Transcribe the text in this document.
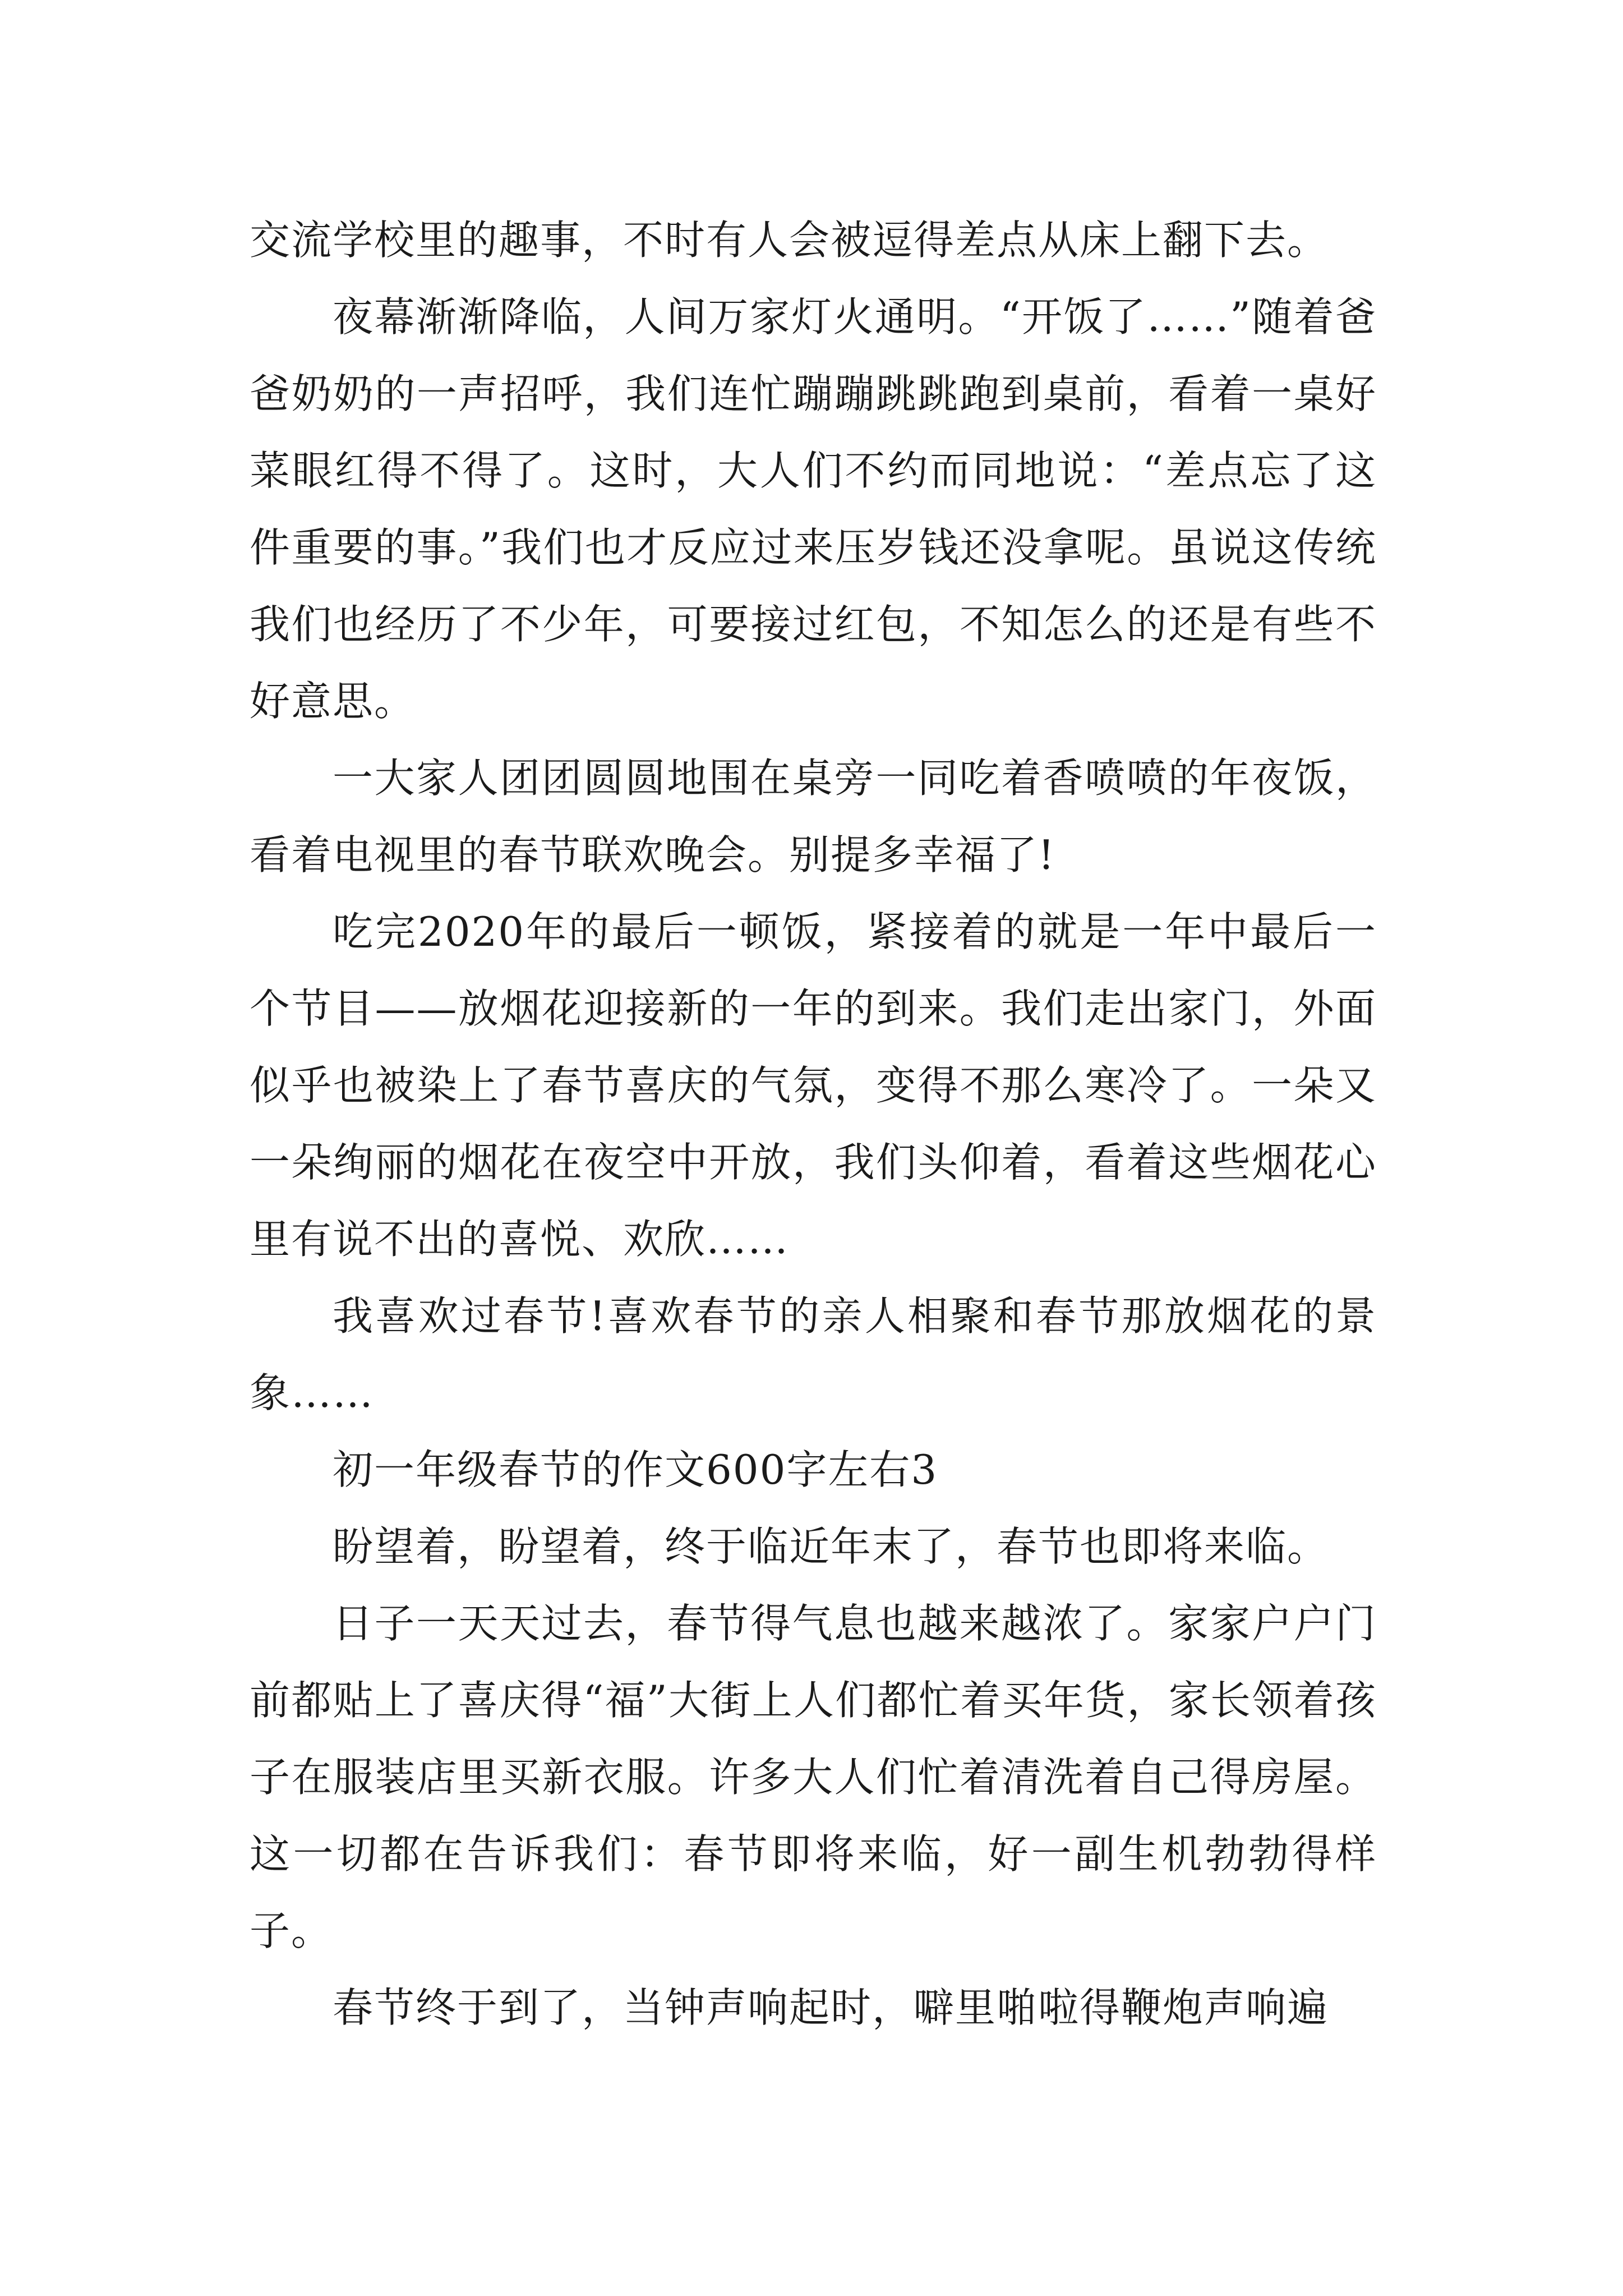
交流学校里的趣事，不时有人会被逗得差点从床上翻下去。

夜幕渐渐降临，人间万家灯火通明。“开饭了……”随着爸爸奶奶的一声招呼，我们连忙蹦蹦跳跳跑到桌前，看着一桌好菜眼红得不得了。这时，大人们不约而同地说：“差点忘了这件重要的事。”我们也才反应过来压岁钱还没拿呢。虽说这传统我们也经历了不少年，可要接过红包，不知怎么的还是有些不好意思。

一大家人团团圆圆地围在桌旁一同吃着香喷喷的年夜饭，看着电视里的春节联欢晚会。别提多幸福了!

吃完2020年的最后一顿饭，紧接着的就是一年中最后一个节目——放烟花迎接新的一年的到来。我们走出家门，外面似乎也被染上了春节喜庆的气氛，变得不那么寒冷了。一朵又一朵绚丽的烟花在夜空中开放，我们头仰着，看着这些烟花心里有说不出的喜悦、欢欣……

我喜欢过春节!喜欢春节的亲人相聚和春节那放烟花的景象……

初一年级春节的作文600字左右3

盼望着，盼望着，终于临近年末了，春节也即将来临。

日子一天天过去，春节得气息也越来越浓了。家家户户门前都贴上了喜庆得“福”大街上人们都忙着买年货，家长领着孩子在服装店里买新衣服。许多大人们忙着清洗着自己得房屋。这一切都在告诉我们：春节即将来临，好一副生机勃勃得样子。

春节终于到了，当钟声响起时，噼里啪啦得鞭炮声响遍
